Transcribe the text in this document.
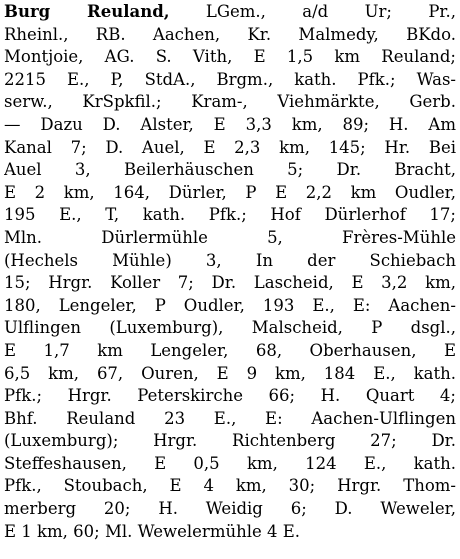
Burg Reuland, LGem., a/d Ur; Pr.,
Rheinl., RB. Aachen, Kr. Malmedy, BKdo.
Montjoie, AG. S. Vith, E 1,5 km Reuland;
2215 E., P, StdA., Brgm., kath. Pfk.; Was-
serw., KrSpkfil.; Kram-, Viehmärkte, Gerb.
— Dazu D. Alster, E 3,3 km, 89; H. Am
Kanal 7; D. Auel, E 2,3 km, 145; Hr. Bei
Auel 3, Beilerhäuschen 5; Dr. Bracht,
E 2 km, 164, Dürler, P E 2,2 km Oudler,
195 E., T, kath. Pfk.; Hof Dürlerhof 17;
Mln. Dürlermühle 5, Frères-Mühle
(Hechels Mühle) 3, In der Schiebach
15; Hrgr. Koller 7; Dr. Lascheid, E 3,2 km,
180, Lengeler, P Oudler, 193 E., E: Aachen-
Ulflingen (Luxemburg), Malscheid, P dsgl.,
E 1,7 km Lengeler, 68, Oberhausen, E
6,5 km, 67, Ouren, E 9 km, 184 E., kath.
Pfk.; Hrgr. Peterskirche 66; H. Quart 4;
Bhf. Reuland 23 E., E: Aachen-Ulflingen
(Luxemburg); Hrgr. Richtenberg 27; Dr.
Steffeshausen, E 0,5 km, 124 E., kath.
Pfk., Stoubach, E 4 km, 30; Hrgr. Thom-
merberg 20; H. Weidig 6; D. Weweler,
E 1 km, 60; Ml. Wewelermühle 4 E.
